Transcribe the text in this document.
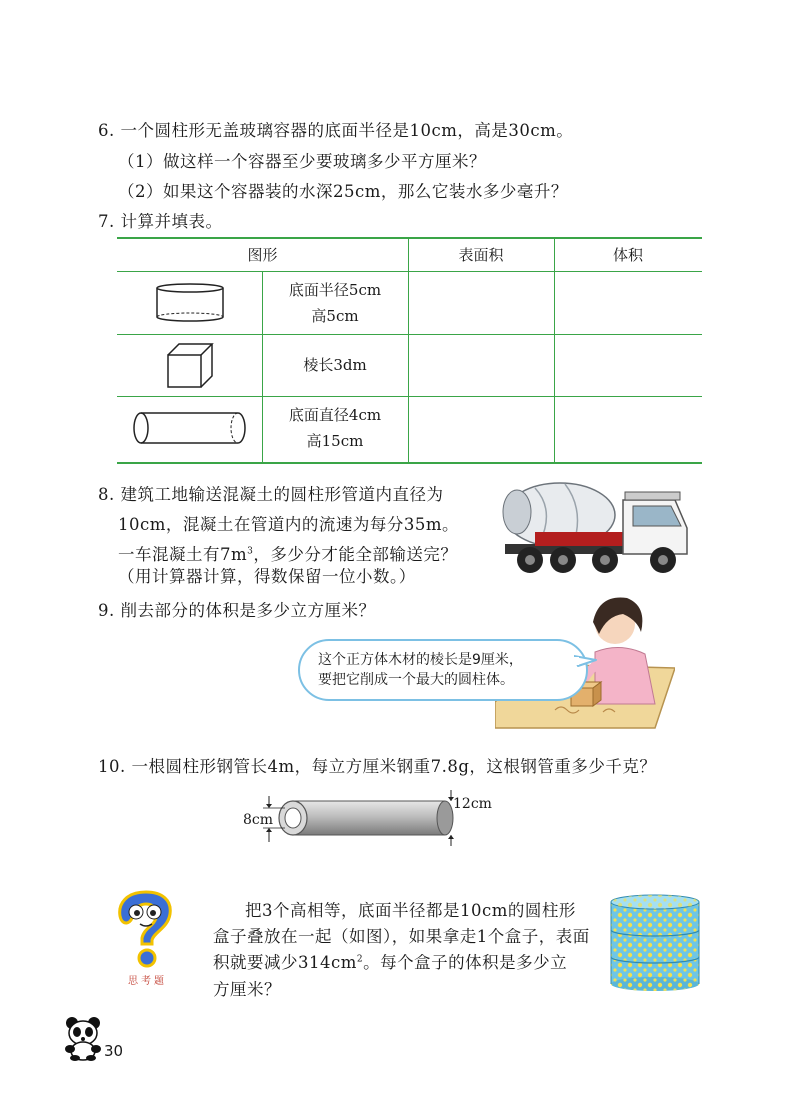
6. 一个圆柱形无盖玻璃容器的底面半径是10cm，高是30cm。
（1）做这样一个容器至少要玻璃多少平方厘米？
（2）如果这个容器装的水深25cm，那么它装水多少毫升？
7. 计算并填表。
图形	表面积	体积
底面半径5cm
高5cm
棱长3dm
底面直径4cm
高15cm
8. 建筑工地输送混凝土的圆柱形管道内直径为
10cm，混凝土在管道内的流速为每分35m。
一车混凝土有$7m^3$，多少分才能全部输送完？
（用计算器计算，得数保留一位小数。）
9. 削去部分的体积是多少立方厘米？
这个正方体木材的棱长是9厘米，
要把它削成一个最大的圆柱体。
10. 一根圆柱形钢管长4m，每立方厘米钢重7.8g，这根钢管重多少千克？
8cm
12cm
思考题
把3个高相等，底面半径都是10cm的圆柱形
盒子叠放在一起（如图），如果拿走1个盒子，表面
积就要减少$314cm^2$。每个盒子的体积是多少立
方厘米？
30
